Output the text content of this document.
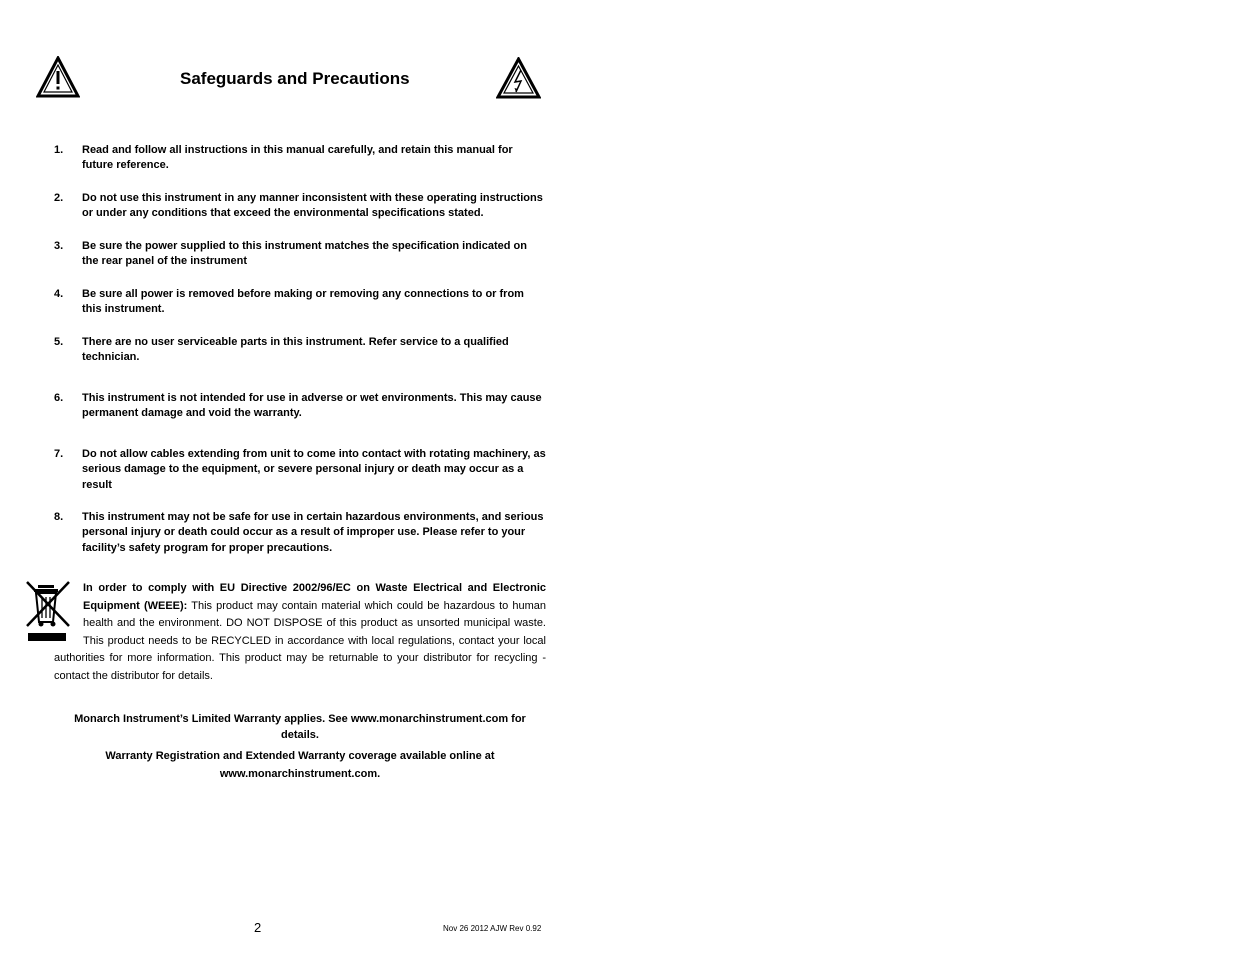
Safeguards and Precautions
1. Read and follow all instructions in this manual carefully, and retain this manual for future reference.
2. Do not use this instrument in any manner inconsistent with these operating instructions or under any conditions that exceed the environmental specifications stated.
3. Be sure the power supplied to this instrument matches the specification indicated on the rear panel of the instrument
4. Be sure all power is removed before making or removing any connections to or from this instrument.
5. There are no user serviceable parts in this instrument. Refer service to a qualified technician.
6. This instrument is not intended for use in adverse or wet environments. This may cause permanent damage and void the warranty.
7. Do not allow cables extending from unit to come into contact with rotating machinery, as serious damage to the equipment, or severe personal injury or death may occur as a result
8. This instrument may not be safe for use in certain hazardous environments, and serious personal injury or death could occur as a result of improper use. Please refer to your facility’s safety program for proper precautions.
In order to comply with EU Directive 2002/96/EC on Waste Electrical and Electronic Equipment (WEEE): This product may contain material which could be hazardous to human health and the environment. DO NOT DISPOSE of this product as unsorted municipal waste. This product needs to be RECYCLED in accordance with local regulations, contact your local authorities for more information. This product may be returnable to your distributor for recycling - contact the distributor for details.
Monarch Instrument’s Limited Warranty applies. See www.monarchinstrument.com for details.
Warranty Registration and Extended Warranty coverage available online at www.monarchinstrument.com.
2	Nov 26 2012 AJW Rev 0.92
